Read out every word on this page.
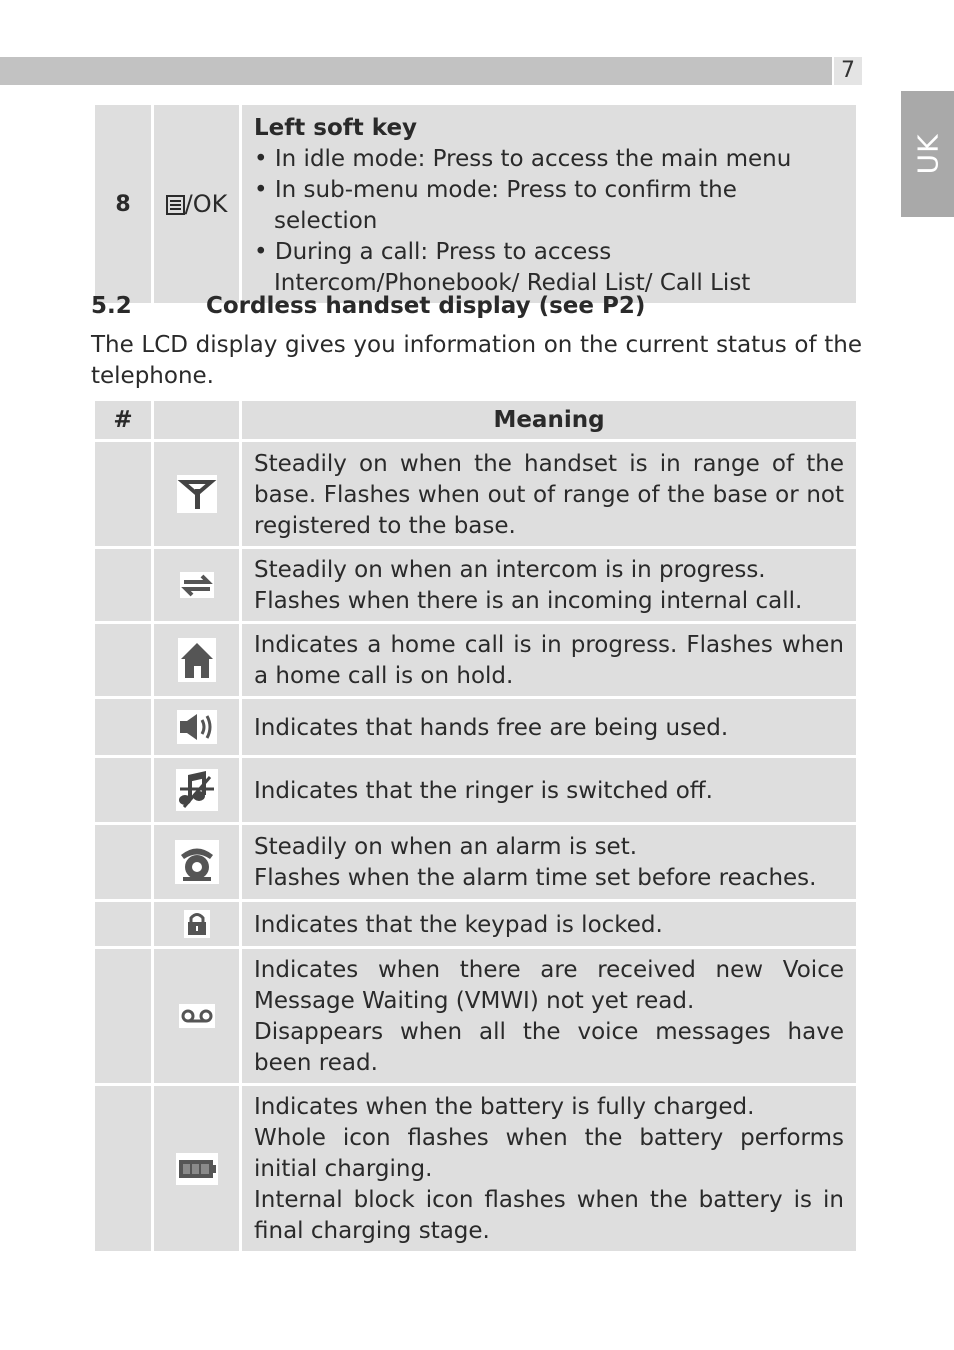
7
UK
8	/OK	
Left soft key
• In idle mode: Press to access the main menu
• In sub-menu mode: Press to confirm the selection
• During a call: Press to access Intercom/Phonebook/ Redial List/ Call List
5.2	Cordless handset display (see P2)
The LCD display gives you information on the current status of the telephone.
#		Meaning
		Steadily on when the handset is in range of the base. Flashes when out of range of the base or not registered to the base.
		Steadily on when an intercom is in progress.
Flashes when there is an incoming internal call.
		Indicates a home call is in progress. Flashes when a home call is on hold.
		Indicates that hands free are being used.
		Indicates that the ringer is switched off.
		Steadily on when an alarm is set.
Flashes when the alarm time set before reaches.
		Indicates that the keypad is locked.
		Indicates when there are received new Voice Message Waiting (VMWI) not yet read.
Disappears when all the voice messages have been read.
		Indicates when the battery is fully charged.
Whole icon flashes when the battery performs initial charging.
Internal block icon flashes when the battery is in final charging stage.
